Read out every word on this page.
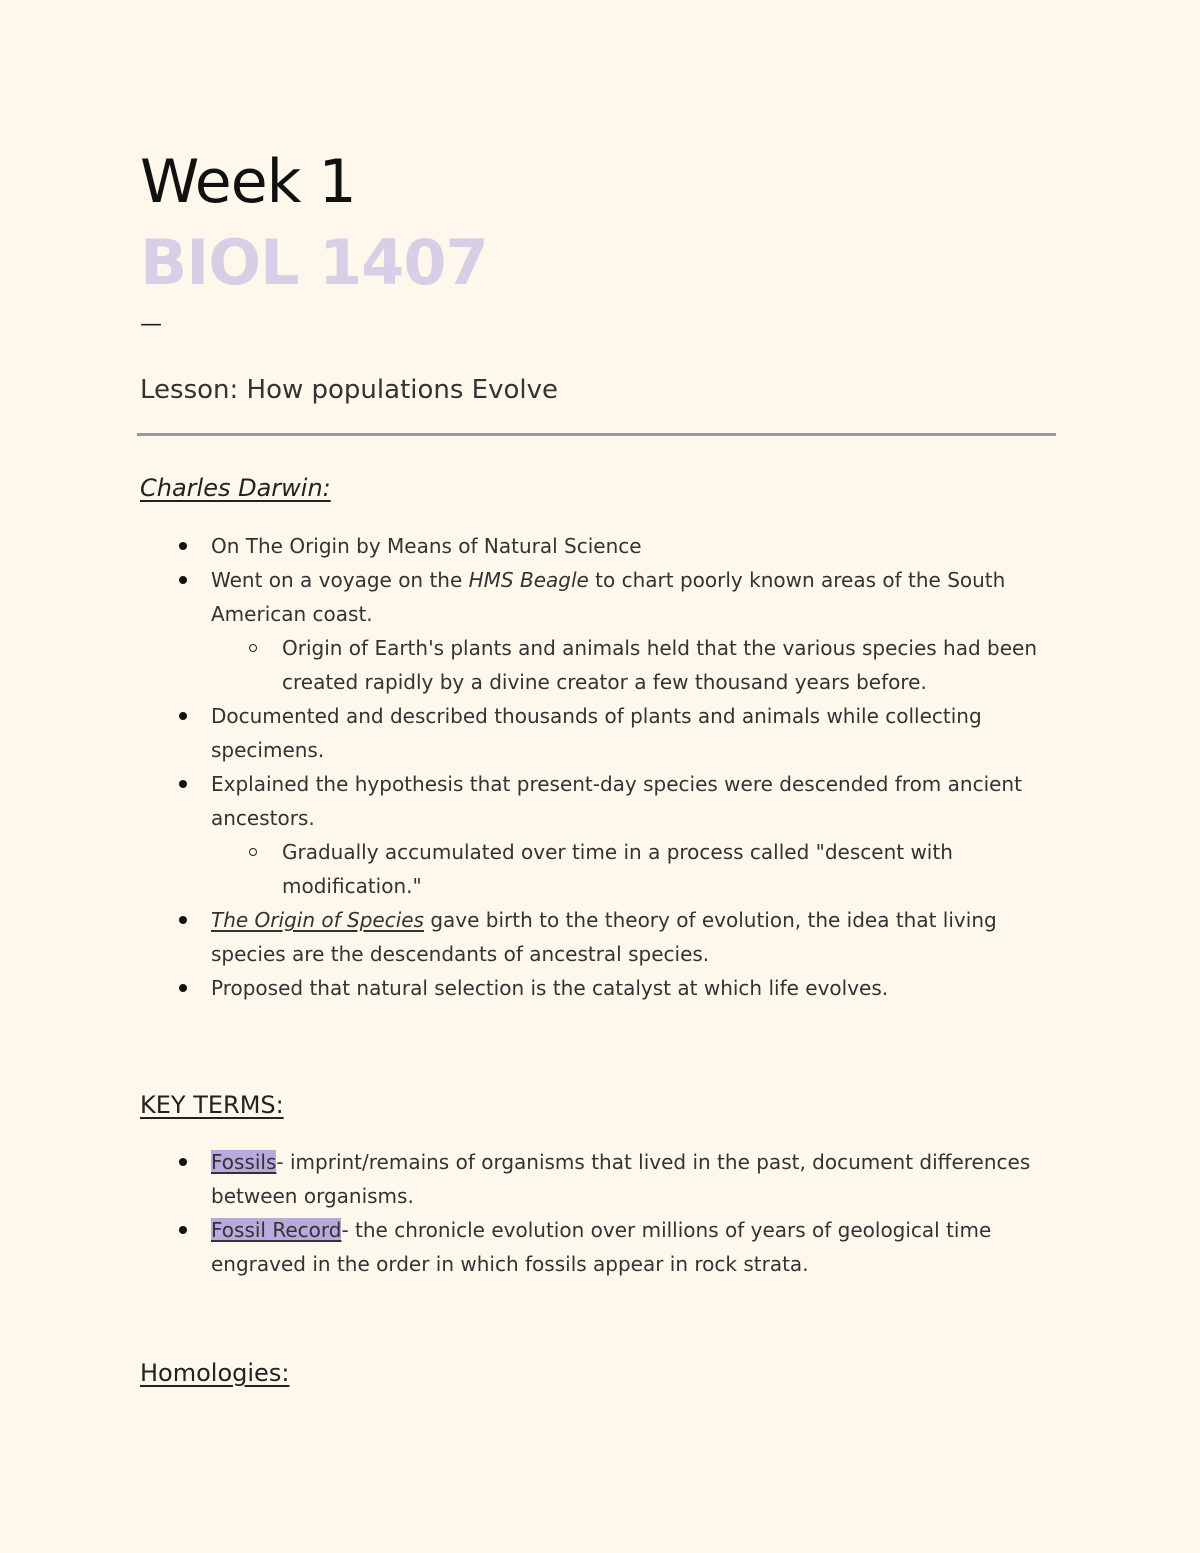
Week 1
BIOL 1407
—
Lesson: How populations Evolve
Charles Darwin:
On The Origin by Means of Natural Science
Went on a voyage on the HMS Beagle to chart poorly known areas of the South American coast.
Origin of Earth's plants and animals held that the various species had been created rapidly by a divine creator a few thousand years before.
Documented and described thousands of plants and animals while collecting specimens.
Explained the hypothesis that present-day species were descended from ancient ancestors.
Gradually accumulated over time in a process called "descent with modification."
The Origin of Species gave birth to the theory of evolution, the idea that living species are the descendants of ancestral species.
Proposed that natural selection is the catalyst at which life evolves.
KEY TERMS:
Fossils- imprint/remains of organisms that lived in the past, document differences between organisms.
Fossil Record- the chronicle evolution over millions of years of geological time engraved in the order in which fossils appear in rock strata.
Homologies:
